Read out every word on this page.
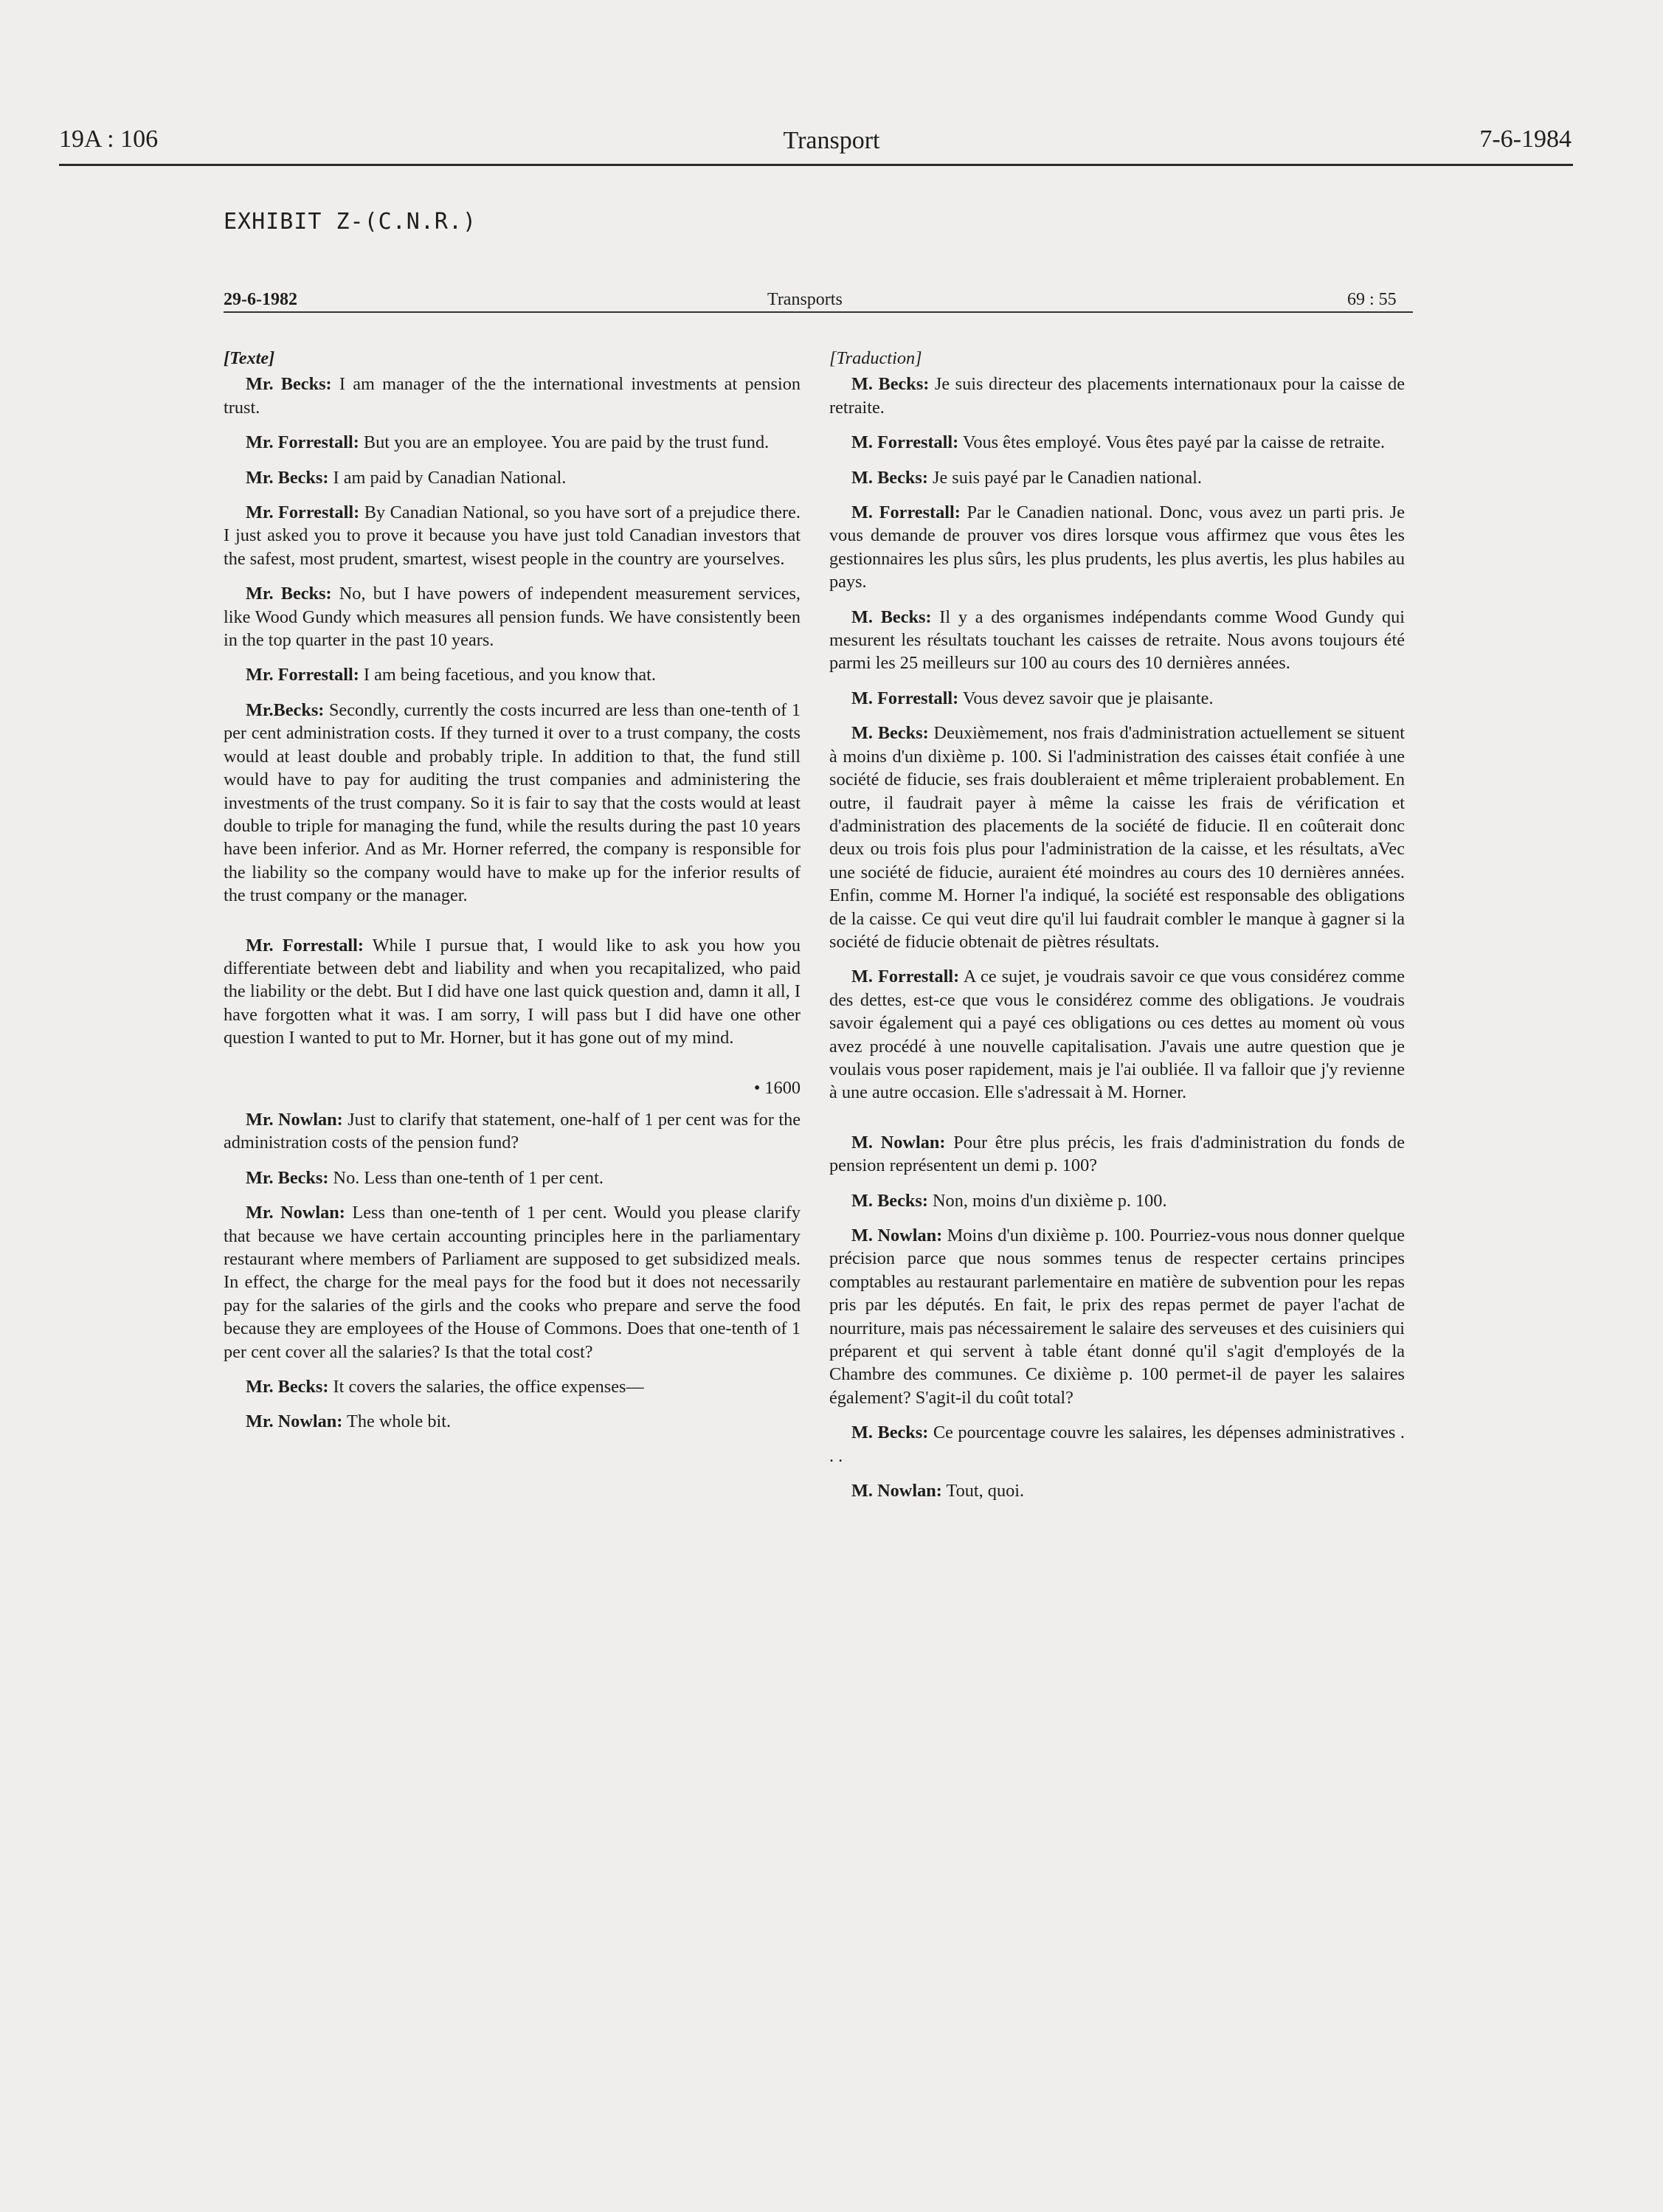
19A : 106	Transport	7-6-1984
EXHIBIT Z-(C.N.R.)
29-6-1982	Transports	69 : 55

[Texte]

Mr. Becks: I am manager of the the international investments at pension trust.

Mr. Forrestall: But you are an employee. You are paid by the trust fund.

Mr. Becks: I am paid by Canadian National.

Mr. Forrestall: By Canadian National, so you have sort of a prejudice there. I just asked you to prove it because you have just told Canadian investors that the safest, most prudent, smartest, wisest people in the country are yourselves.

Mr. Becks: No, but I have powers of independent measurement services, like Wood Gundy which measures all pension funds. We have consistently been in the top quarter in the past 10 years.

Mr. Forrestall: I am being facetious, and you know that.

Mr.Becks: Secondly, currently the costs incurred are less than one-tenth of 1 per cent administration costs. If they turned it over to a trust company, the costs would at least double and probably triple. In addition to that, the fund still would have to pay for auditing the trust companies and administering the investments of the trust company. So it is fair to say that the costs would at least double to triple for managing the fund, while the results during the past 10 years have been inferior. And as Mr. Horner referred, the company is responsible for the liability so the company would have to make up for the inferior results of the trust company or the manager.

Mr. Forrestall: While I pursue that, I would like to ask you how you differentiate between debt and liability and when you recapitalized, who paid the liability or the debt. But I did have one last quick question and, damn it all, I have forgotten what it was. I am sorry, I will pass but I did have one other question I wanted to put to Mr. Horner, but it has gone out of my mind.

• 1600

Mr. Nowlan: Just to clarify that statement, one-half of 1 per cent was for the administration costs of the pension fund?

Mr. Becks: No. Less than one-tenth of 1 per cent.

Mr. Nowlan: Less than one-tenth of 1 per cent. Would you please clarify that because we have certain accounting principles here in the parliamentary restaurant where members of Parliament are supposed to get subsidized meals. In effect, the charge for the meal pays for the food but it does not necessarily pay for the salaries of the girls and the cooks who prepare and serve the food because they are employees of the House of Commons. Does that one-tenth of 1 per cent cover all the salaries? Is that the total cost?

Mr. Becks: It covers the salaries, the office expenses—

Mr. Nowlan: The whole bit.

[Traduction]

M. Becks: Je suis directeur des placements internationaux pour la caisse de retraite.

M. Forrestall: Vous êtes employé. Vous êtes payé par la caisse de retraite.

M. Becks: Je suis payé par le Canadien national.

M. Forrestall: Par le Canadien national. Donc, vous avez un parti pris. Je vous demande de prouver vos dires lorsque vous affirmez que vous êtes les gestionnaires les plus sûrs, les plus prudents, les plus avertis, les plus habiles au pays.

M. Becks: Il y a des organismes indépendants comme Wood Gundy qui mesurent les résultats touchant les caisses de retraite. Nous avons toujours été parmi les 25 meilleurs sur 100 au cours des 10 dernières années.

M. Forrestall: Vous devez savoir que je plaisante.

M. Becks: Deuxièmement, nos frais d'administration actuellement se situent à moins d'un dixième p. 100. Si l'administration des caisses était confiée à une société de fiducie, ses frais doubleraient et même tripleraient probablement. En outre, il faudrait payer à même la caisse les frais de vérification et d'administration des placements de la société de fiducie. Il en coûterait donc deux ou trois fois plus pour l'administration de la caisse, et les résultats, aVec une société de fiducie, auraient été moindres au cours des 10 dernières années. Enfin, comme M. Horner l'a indiqué, la société est responsable des obligations de la caisse. Ce qui veut dire qu'il lui faudrait combler le manque à gagner si la société de fiducie obtenait de piètres résultats.

M. Forrestall: A ce sujet, je voudrais savoir ce que vous considérez comme des dettes, est-ce que vous le considérez comme des obligations. Je voudrais savoir également qui a payé ces obligations ou ces dettes au moment où vous avez procédé à une nouvelle capitalisation. J'avais une autre question que je voulais vous poser rapidement, mais je l'ai oubliée. Il va falloir que j'y revienne à une autre occasion. Elle s'adressait à M. Horner.

M. Nowlan: Pour être plus précis, les frais d'administration du fonds de pension représentent un demi p. 100?

M. Becks: Non, moins d'un dixième p. 100.

M. Nowlan: Moins d'un dixième p. 100. Pourriez-vous nous donner quelque précision parce que nous sommes tenus de respecter certains principes comptables au restaurant parlementaire en matière de subvention pour les repas pris par les députés. En fait, le prix des repas permet de payer l'achat de nourriture, mais pas nécessairement le salaire des serveuses et des cuisiniers qui préparent et qui servent à table étant donné qu'il s'agit d'employés de la Chambre des communes. Ce dixième p. 100 permet-il de payer les salaires également? S'agit-il du coût total?

M. Becks: Ce pourcentage couvre les salaires, les dépenses administratives . . .

M. Nowlan: Tout, quoi.
